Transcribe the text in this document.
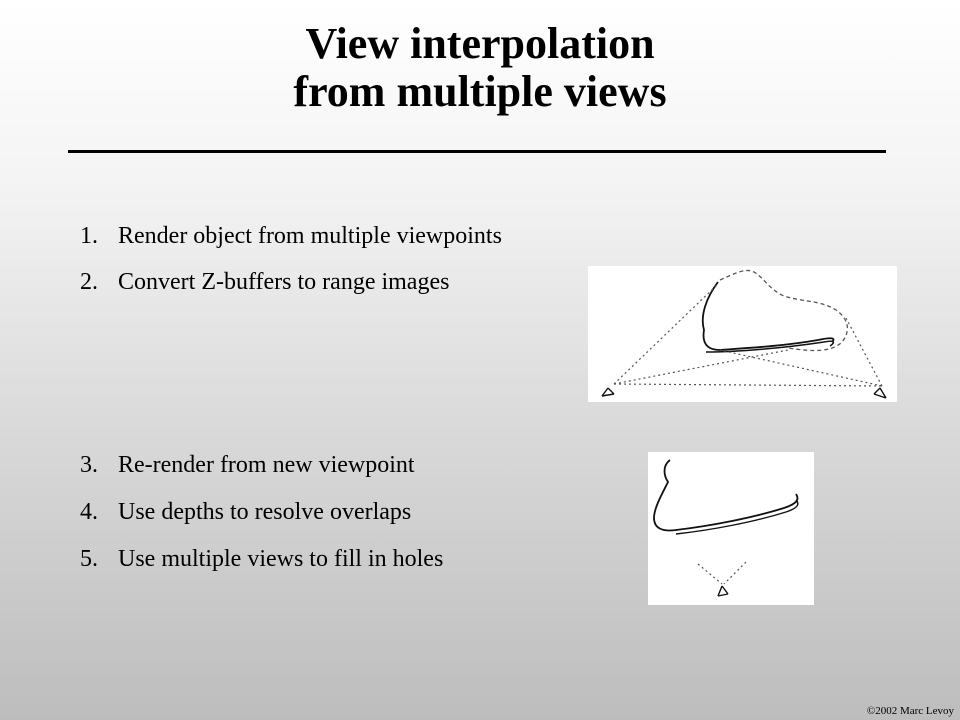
View interpolation
from multiple views
1. Render object from multiple viewpoints
2. Convert Z-buffers to range images
3. Re-render from new viewpoint
4. Use depths to resolve overlaps
5. Use multiple views to fill in holes
©2002 Marc Levoy
